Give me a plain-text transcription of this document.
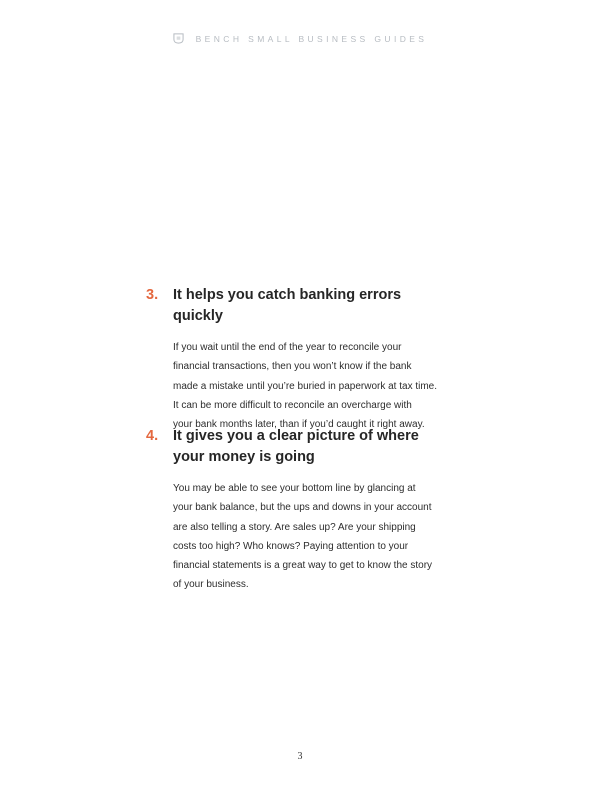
BENCH SMALL BUSINESS GUIDES
3.	It helps you catch banking errors quickly
If you wait until the end of the year to reconcile your
financial transactions, then you won’t know if the bank
made a mistake until you’re buried in paperwork at tax time.
It can be more difficult to reconcile an overcharge with
your bank months later, than if you’d caught it right away.
4.	It gives you a clear picture of where your money is going
You may be able to see your bottom line by glancing at
your bank balance, but the ups and downs in your account
are also telling a story. Are sales up? Are your shipping
costs too high? Who knows? Paying attention to your
financial statements is a great way to get to know the story
of your business.
3
